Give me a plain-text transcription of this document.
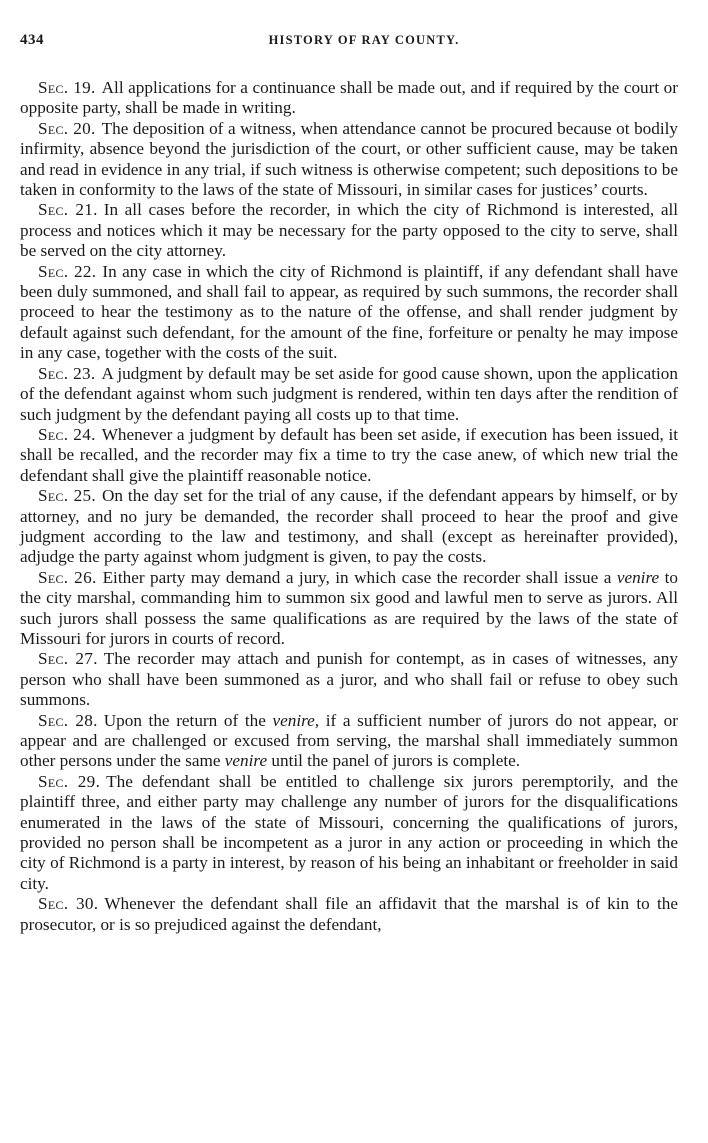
434	HISTORY OF RAY COUNTY.

Sec. 19. All applications for a continuance shall be made out, and if required by the court or opposite party, shall be made in writing.

Sec. 20. The deposition of a witness, when attendance cannot be procured because ot bodily infirmity, absence beyond the jurisdiction of the court, or other sufficient cause, may be taken and read in evidence in any trial, if such witness is otherwise competent; such depositions to be taken in conformity to the laws of the state of Missouri, in similar cases for justices’ courts.

Sec. 21. In all cases before the recorder, in which the city of Richmond is interested, all process and notices which it may be necessary for the party opposed to the city to serve, shall be served on the city attorney.

Sec. 22. In any case in which the city of Richmond is plaintiff, if any defendant shall have been duly summoned, and shall fail to appear, as required by such summons, the recorder shall proceed to hear the testimony as to the nature of the offense, and shall render judgment by default against such defendant, for the amount of the fine, forfeiture or penalty he may impose in any case, together with the costs of the suit.

Sec. 23. A judgment by default may be set aside for good cause shown, upon the application of the defendant against whom such judgment is rendered, within ten days after the rendition of such judgment by the defendant paying all costs up to that time.

Sec. 24. Whenever a judgment by default has been set aside, if execution has been issued, it shall be recalled, and the recorder may fix a time to try the case anew, of which new trial the defendant shall give the plaintiff reasonable notice.

Sec. 25. On the day set for the trial of any cause, if the defendant appears by himself, or by attorney, and no jury be demanded, the recorder shall proceed to hear the proof and give judgment according to the law and testimony, and shall (except as hereinafter provided), adjudge the party against whom judgment is given, to pay the costs.

Sec. 26. Either party may demand a jury, in which case the recorder shall issue a venire to the city marshal, commanding him to summon six good and lawful men to serve as jurors. All such jurors shall possess the same qualifications as are required by the laws of the state of Missouri for jurors in courts of record.

Sec. 27. The recorder may attach and punish for contempt, as in cases of witnesses, any person who shall have been summoned as a juror, and who shall fail or refuse to obey such summons.

Sec. 28. Upon the return of the venire, if a sufficient number of jurors do not appear, or appear and are challenged or excused from serving, the marshal shall immediately summon other persons under the same venire until the panel of jurors is complete.

Sec. 29. The defendant shall be entitled to challenge six jurors peremptorily, and the plaintiff three, and either party may challenge any number of jurors for the disqualifications enumerated in the laws of the state of Missouri, concerning the qualifications of jurors, provided no person shall be incompetent as a juror in any action or proceeding in which the city of Richmond is a party in interest, by reason of his being an inhabitant or freeholder in said city.

Sec. 30. Whenever the defendant shall file an affidavit that the marshal is of kin to the prosecutor, or is so prejudiced against the defendant,
